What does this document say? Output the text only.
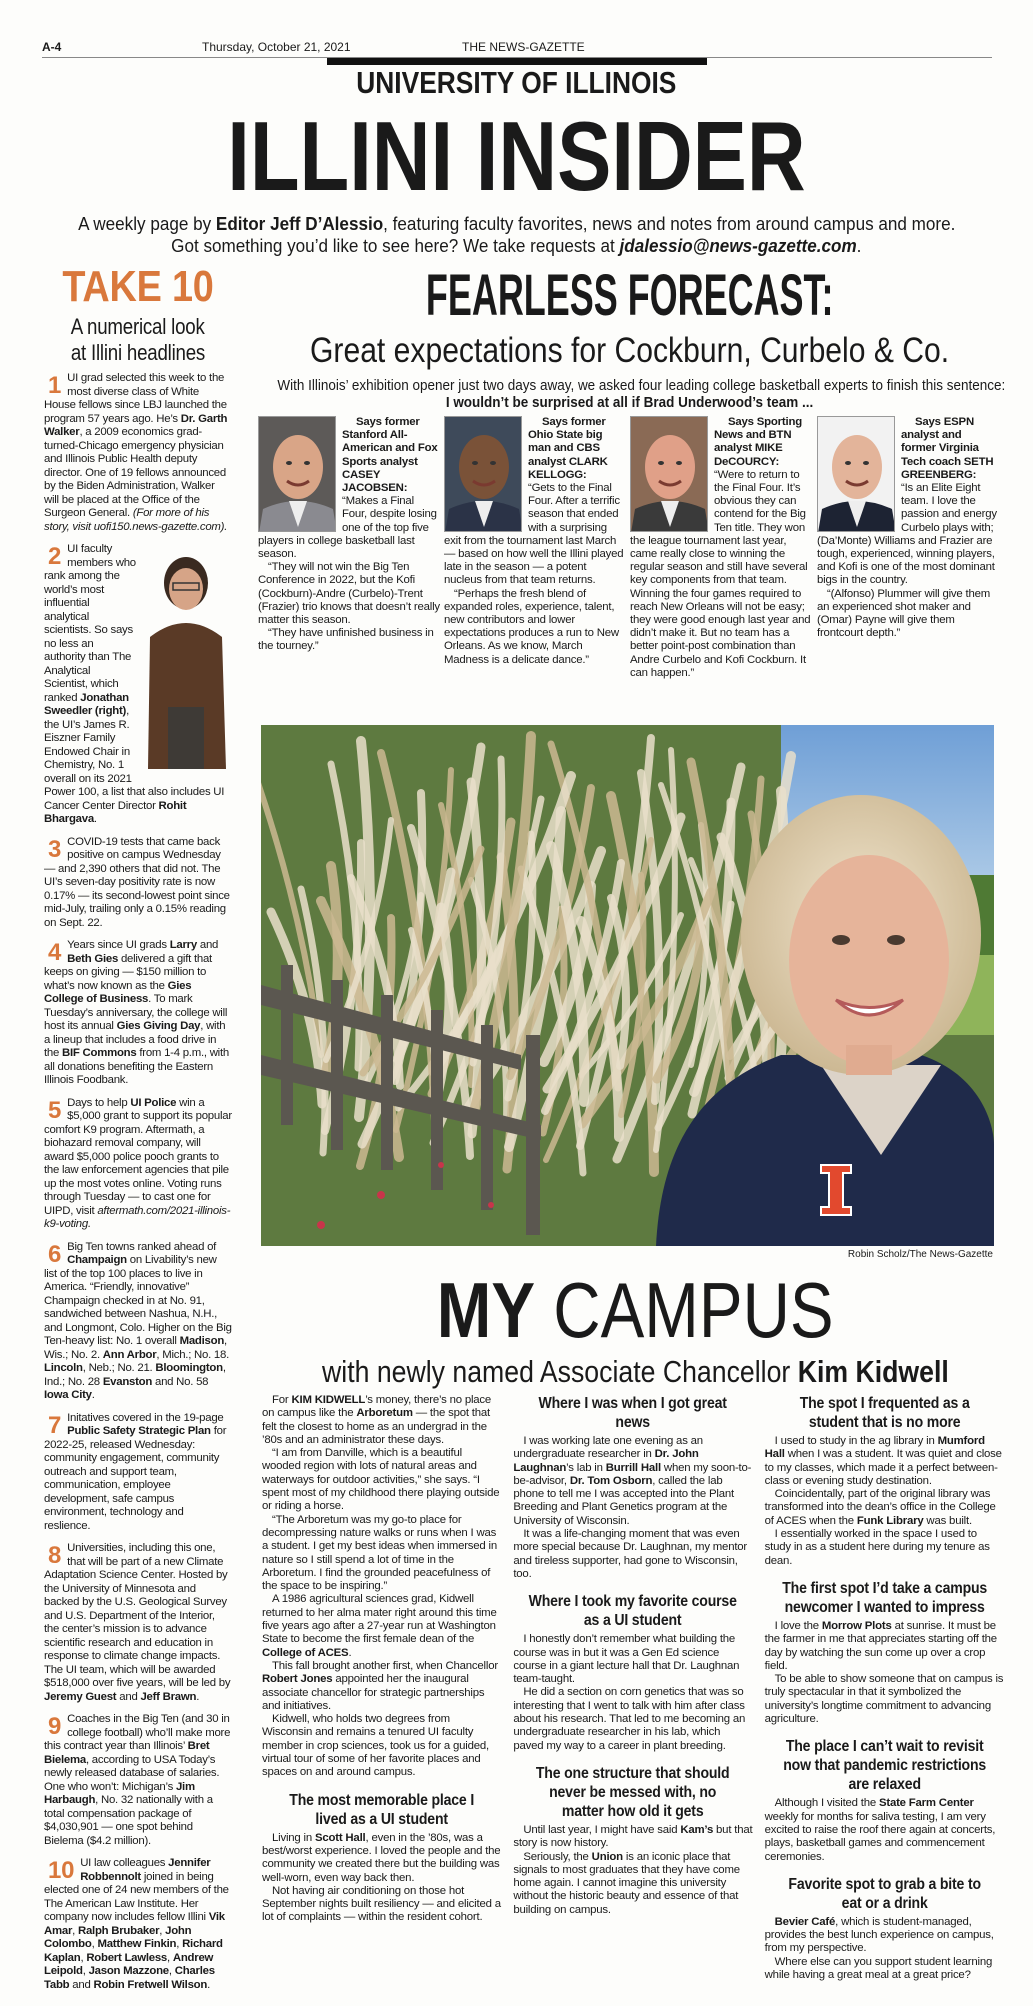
A-4	Thursday, October 21, 2021	THE NEWS-GAZETTE
UNIVERSITY OF ILLINOIS
ILLINI INSIDER
A weekly page by Editor Jeff D’Alessio, featuring faculty favorites, news and notes from around campus and more.
Got something you’d like to see here? We take requests at jdalessio@news-gazette.com.
TAKE 10
A numerical look
at Illini headlines
1 UI grad selected this week to the most diverse class of White House fellows since LBJ launched the program 57 years ago. He’s Dr. Garth Walker, a 2009 economics grad-turned-Chicago emergency physician and Illinois Public Health deputy director. One of 19 fellows announced by the Biden Administration, Walker will be placed at the Office of the Surgeon General. (For more of his story, visit uofi150.news-gazette.com).
2 UI faculty members who rank among the world’s most influential analytical scientists. So says no less an authority than The Analytical Scientist, which ranked Jonathan Sweedler (right), the UI’s James R. Eiszner Family Endowed Chair in Chemistry, No. 1 overall on its 2021 Power 100, a list that also includes UI Cancer Center Director Rohit Bhargava.
3 COVID-19 tests that came back positive on campus Wednesday — and 2,390 others that did not. The UI’s seven-day positivity rate is now 0.17% — its second-lowest point since mid-July, trailing only a 0.15% reading on Sept. 22.
4 Years since UI grads Larry and Beth Gies delivered a gift that keeps on giving — $150 million to what’s now known as the Gies College of Business. To mark Tuesday’s anniversary, the college will host its annual Gies Giving Day, with a lineup that includes a food drive in the BIF Commons from 1-4 p.m., with all donations benefiting the Eastern Illinois Foodbank.
5 Days to help UI Police win a $5,000 grant to support its popular comfort K9 program. Aftermath, a biohazard removal company, will award $5,000 police pooch grants to the law enforcement agencies that pile up the most votes online. Voting runs through Tuesday — to cast one for UIPD, visit aftermath.com/2021-illinois-k9-voting.
6 Big Ten towns ranked ahead of Champaign on Livability’s new list of the top 100 places to live in America. “Friendly, innovative” Champaign checked in at No. 91, sandwiched between Nashua, N.H., and Longmont, Colo. Higher on the Big Ten-heavy list: No. 1 overall Madison, Wis.; No. 2. Ann Arbor, Mich.; No. 18. Lincoln, Neb.; No. 21. Bloomington, Ind.; No. 28 Evanston and No. 58 Iowa City.
7 Initatives covered in the 19-page Public Safety Strategic Plan for 2022-25, released Wednesday: community engagement, community outreach and support team, communication, employee development, safe campus environment, technology and reslience.
8 Universities, including this one, that will be part of a new Climate Adaptation Science Center. Hosted by the University of Minnesota and backed by the U.S. Geological Survey and U.S. Department of the Interior, the center’s mission is to advance scientific research and education in response to climate change impacts. The UI team, which will be awarded $518,000 over five years, will be led by Jeremy Guest and Jeff Brawn.
9 Coaches in the Big Ten (and 30 in college football) who’ll make more this contract year than Illinois’ Bret Bielema, according to USA Today’s newly released database of salaries. One who won’t: Michigan’s Jim Harbaugh, No. 32 nationally with a total compensation package of $4,030,901 — one spot behind Bielema ($4.2 million).
10 UI law colleagues Jennifer Robbennolt joined in being elected one of 24 new members of the The American Law Institute. Her company now includes fellow Illini Vik Amar, Ralph Brubaker, John Colombo, Matthew Finkin, Richard Kaplan, Robert Lawless, Andrew Leipold, Jason Mazzone, Charles Tabb and Robin Fretwell Wilson.
FEARLESS FORECAST:
Great expectations for Cockburn, Curbelo & Co.
With Illinois’ exhibition opener just two days away, we asked four leading college basketball experts to finish this sentence:
I wouldn’t be surprised at all if Brad Underwood’s team ...

Says former Stanford All-American and Fox Sports analyst CASEY JACOBSEN:
“Makes a Final Four, despite losing one of the top five players in college basketball last season.

“They will not win the Big Ten Conference in 2022, but the Kofi (Cockburn)-Andre (Curbelo)-Trent (Frazier) trio knows that doesn’t really matter this season.

“They have unfinished business in the tourney.”

Says former Ohio State big man and CBS analyst CLARK KELLOGG:
“Gets to the Final Four. After a terrific season that ended with a surprising exit from the tournament last March — based on how well the Illini played late in the season — a potent nucleus from that team returns.

“Perhaps the fresh blend of expanded roles, experience, talent, new contributors and lower expectations produces a run to New Orleans. As we know, March Madness is a delicate dance.”

Says Sporting News and BTN analyst MIKE DeCOURCY:
“Were to return to the Final Four. It’s obvious they can contend for the Big Ten title. They won the league tournament last year, came really close to winning the regular season and still have several key components from that team. Winning the four games required to reach New Orleans will not be easy; they were good enough last year and didn’t make it. But no team has a better point-post combination than Andre Curbelo and Kofi Cockburn. It can happen.”

Says ESPN analyst and former Virginia Tech coach SETH GREENBERG:
“Is an Elite Eight team. I love the passion and energy Curbelo plays with; (Da’Monte) Williams and Frazier are tough, experienced, winning players, and Kofi is one of the most dominant bigs in the country.

“(Alfonso) Plummer will give them an experienced shot maker and (Omar) Payne will give them frontcourt depth.”

Robin Scholz/The News-Gazette
MY CAMPUS
with newly named Associate Chancellor Kim Kidwell

For KIM KIDWELL’s money, there’s no place on campus like the Arboretum — the spot that felt the closest to home as an undergrad in the ’80s and an administrator these days.

“I am from Danville, which is a beautiful wooded region with lots of natural areas and waterways for outdoor activities,” she says. “I spent most of my childhood there playing outside or riding a horse.

“The Arboretum was my go-to place for decompressing nature walks or runs when I was a student. I get my best ideas when immersed in nature so I still spend a lot of time in the Arboretum. I find the grounded peacefulness of the space to be inspiring.”

A 1986 agricultural sciences grad, Kidwell returned to her alma mater right around this time five years ago after a 27-year run at Washington State to become the first female dean of the College of ACES.

This fall brought another first, when Chancellor Robert Jones appointed her the inaugural associate chancellor for strategic partnerships and initiatives.

Kidwell, who holds two degrees from Wisconsin and remains a tenured UI faculty member in crop sciences, took us for a guided, virtual tour of some of her favorite places and spaces on and around campus.

The most memorable place I lived as a UI student

Living in Scott Hall, even in the ’80s, was a best/worst experience. I loved the people and the community we created there but the building was well-worn, even way back then.

Not having air conditioning on those hot September nights built resiliency — and elicited a lot of complaints — within the resident cohort.

Where I was when I got great news

I was working late one evening as an undergraduate researcher in Dr. John Laughnan’s lab in Burrill Hall when my soon-to-be-advisor, Dr. Tom Osborn, called the lab phone to tell me I was accepted into the Plant Breeding and Plant Genetics program at the University of Wisconsin.

It was a life-changing moment that was even more special because Dr. Laughnan, my mentor and tireless supporter, had gone to Wisconsin, too.

Where I took my favorite course as a UI student

I honestly don’t remember what building the course was in but it was a Gen Ed science course in a giant lecture hall that Dr. Laughnan team-taught.

He did a section on corn genetics that was so interesting that I went to talk with him after class about his research. That led to me becoming an undergraduate researcher in his lab, which paved my way to a career in plant breeding.

The one structure that should never be messed with, no matter how old it gets

Until last year, I might have said Kam’s but that story is now history.

Seriously, the Union is an iconic place that signals to most graduates that they have come home again. I cannot imagine this university without the historic beauty and essence of that building on campus.

The spot I frequented as a student that is no more

I used to study in the ag library in Mumford Hall when I was a student. It was quiet and close to my classes, which made it a perfect between-class or evening study destination.

Coincidentally, part of the original library was transformed into the dean’s office in the College of ACES when the Funk Library was built.

I essentially worked in the space I used to study in as a student here during my tenure as dean.

The first spot I’d take a campus newcomer I wanted to impress

I love the Morrow Plots at sunrise. It must be the farmer in me that appreciates starting off the day by watching the sun come up over a crop field.

To be able to show someone that on campus is truly spectacular in that it symbolized the university’s longtime commitment to advancing agriculture.

The place I can’t wait to revisit now that pandemic restrictions are relaxed

Although I visited the State Farm Center weekly for months for saliva testing, I am very excited to raise the roof there again at concerts, plays, basketball games and commencement ceremonies.

Favorite spot to grab a bite to eat or a drink

Bevier Café, which is student-managed, provides the best lunch experience on campus, from my perspective.

Where else can you support student learning while having a great meal at a great price?
